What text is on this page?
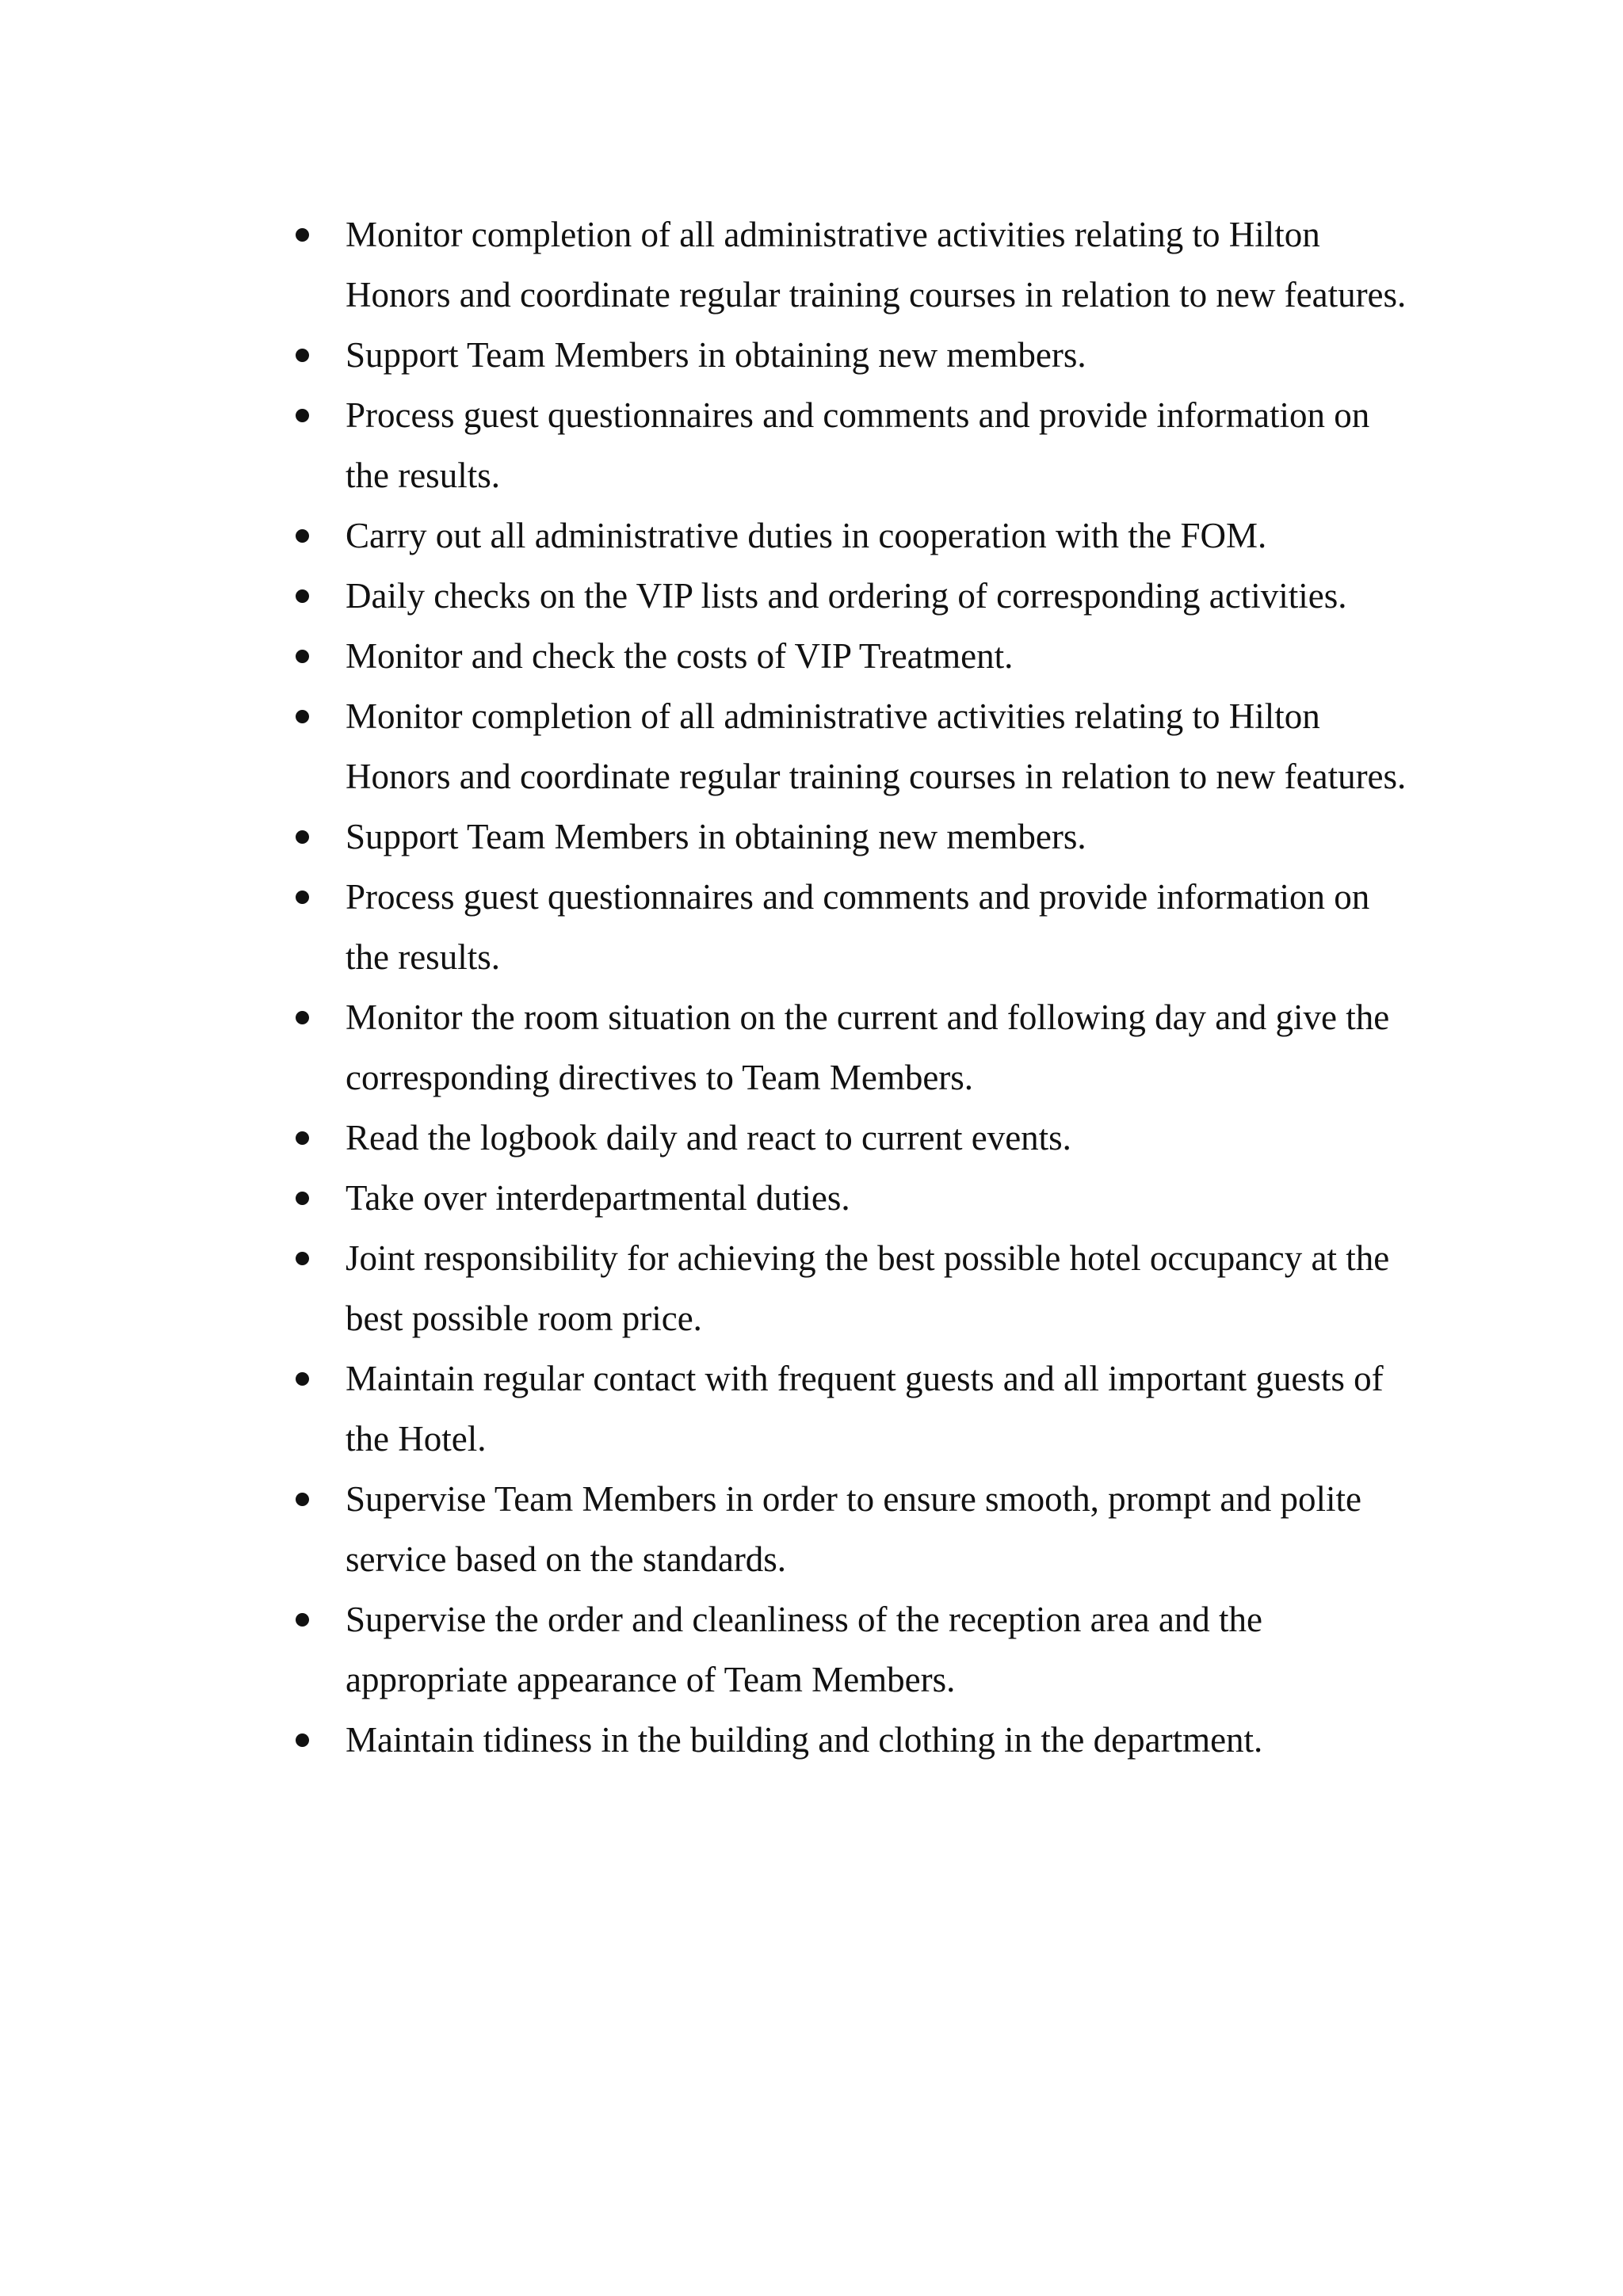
Monitor completion of all administrative activities relating to Hilton Honors and coordinate regular training courses in relation to new features.
Support Team Members in obtaining new members.
Process guest questionnaires and comments and provide information on the results.
Carry out all administrative duties in cooperation with the FOM.
Daily checks on the VIP lists and ordering of corresponding activities.
Monitor and check the costs of VIP Treatment.
Monitor completion of all administrative activities relating to Hilton Honors and coordinate regular training courses in relation to new features.
Support Team Members in obtaining new members.
Process guest questionnaires and comments and provide information on the results.
Monitor the room situation on the current and following day and give the corresponding directives to Team Members.
Read the logbook daily and react to current events.
Take over interdepartmental duties.
Joint responsibility for achieving the best possible hotel occupancy at the best possible room price.
Maintain regular contact with frequent guests and all important guests of the Hotel.
Supervise Team Members in order to ensure smooth, prompt and polite service based on the standards.
Supervise the order and cleanliness of the reception area and the appropriate appearance of Team Members.
Maintain tidiness in the building and clothing in the department.
